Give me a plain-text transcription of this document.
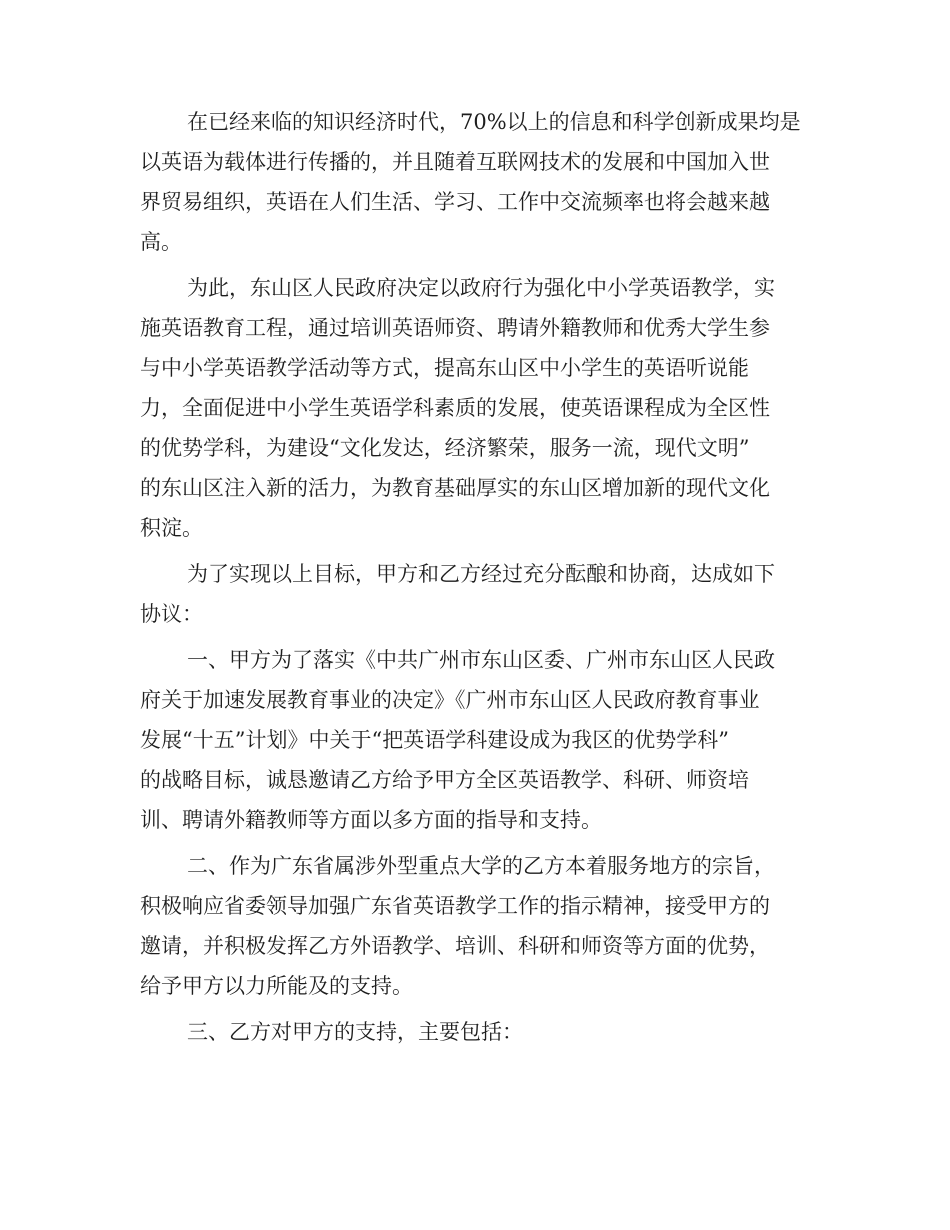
在已经来临的知识经济时代，70%以上的信息和科学创新成果均是
以英语为载体进行传播的，并且随着互联网技术的发展和中国加入世
界贸易组织，英语在人们生活、学习、工作中交流频率也将会越来越
高。
为此，东山区人民政府决定以政府行为强化中小学英语教学，实
施英语教育工程，通过培训英语师资、聘请外籍教师和优秀大学生参
与中小学英语教学活动等方式，提高东山区中小学生的英语听说能
力，全面促进中小学生英语学科素质的发展，使英语课程成为全区性
的优势学科，为建设“文化发达，经济繁荣，服务一流，现代文明”
的东山区注入新的活力，为教育基础厚实的东山区增加新的现代文化
积淀。
为了实现以上目标，甲方和乙方经过充分酝酿和协商，达成如下
协议：
一、甲方为了落实《中共广州市东山区委、广州市东山区人民政
府关于加速发展教育事业的决定》《广州市东山区人民政府教育事业
发展“十五”计划》中关于“把英语学科建设成为我区的优势学科”
的战略目标，诚恳邀请乙方给予甲方全区英语教学、科研、师资培
训、聘请外籍教师等方面以多方面的指导和支持。
二、作为广东省属涉外型重点大学的乙方本着服务地方的宗旨，
积极响应省委领导加强广东省英语教学工作的指示精神，接受甲方的
邀请，并积极发挥乙方外语教学、培训、科研和师资等方面的优势，
给予甲方以力所能及的支持。
三、乙方对甲方的支持，主要包括：
